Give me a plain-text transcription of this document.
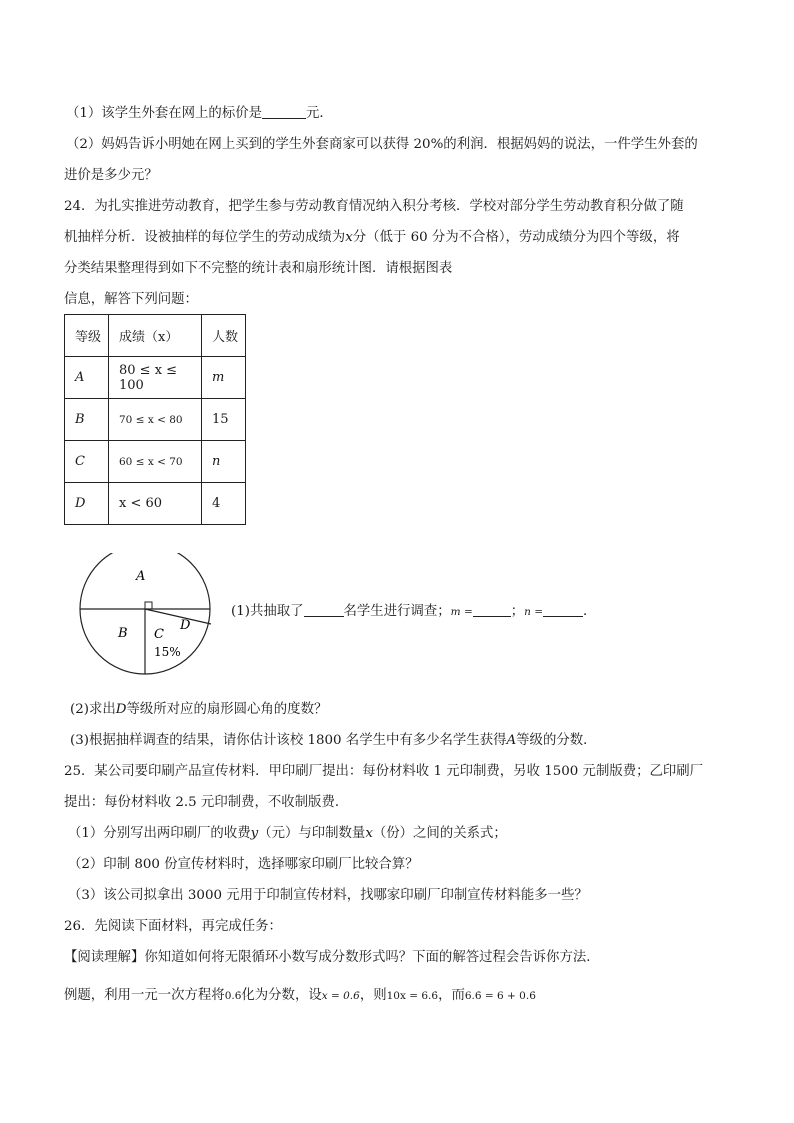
（1）该学生外套在网上的标价是	元．
（2）妈妈告诉小明她在网上买到的学生外套商家可以获得 20%的利润．根据妈妈的说法，一件学生外套的
进价是多少元？
24．为扎实推进劳动教育，把学生参与劳动教育情况纳入积分考核．学校对部分学生劳动教育积分做了随
机抽样分析．设被抽样的每位学生的劳动成绩为x分（低于 60 分为不合格），劳动成绩分为四个等级，将
分类结果整理得到如下不完整的统计表和扇形统计图．请根据图表
信息，解答下列问题：
等级	成绩（x）	人数
A	80 ≤ x ≤ 100	m
B	70 ≤ x < 80	15
C	60 ≤ x < 70	n
D	x < 60	4
A
B C
D
15%
(1)共抽取了	名学生进行调查；m =	；n =	．
(2)求出D等级所对应的扇形圆心角的度数？
(3)根据抽样调查的结果，请你估计该校 1800 名学生中有多少名学生获得A等级的分数．
25．某公司要印刷产品宣传材料．甲印刷厂提出：每份材料收 1 元印制费，另收 1500 元制版费；乙印刷厂
提出：每份材料收 2.5 元印制费，不收制版费．
（1）分别写出两印刷厂的收费y（元）与印制数量x（份）之间的关系式；
（2）印制 800 份宣传材料时，选择哪家印刷厂比较合算？
（3）该公司拟拿出 3000 元用于印制宣传材料，找哪家印刷厂印制宣传材料能多一些？
26．先阅读下面材料，再完成任务：
【阅读理解】你知道如何将无限循环小数写成分数形式吗？下面的解答过程会告诉你方法．
例题，利用一元一次方程将0.6̇化为分数，设x = 0.6̇，则10x = 6.6̇，而6.6̇ = 6 + 0.6̇
